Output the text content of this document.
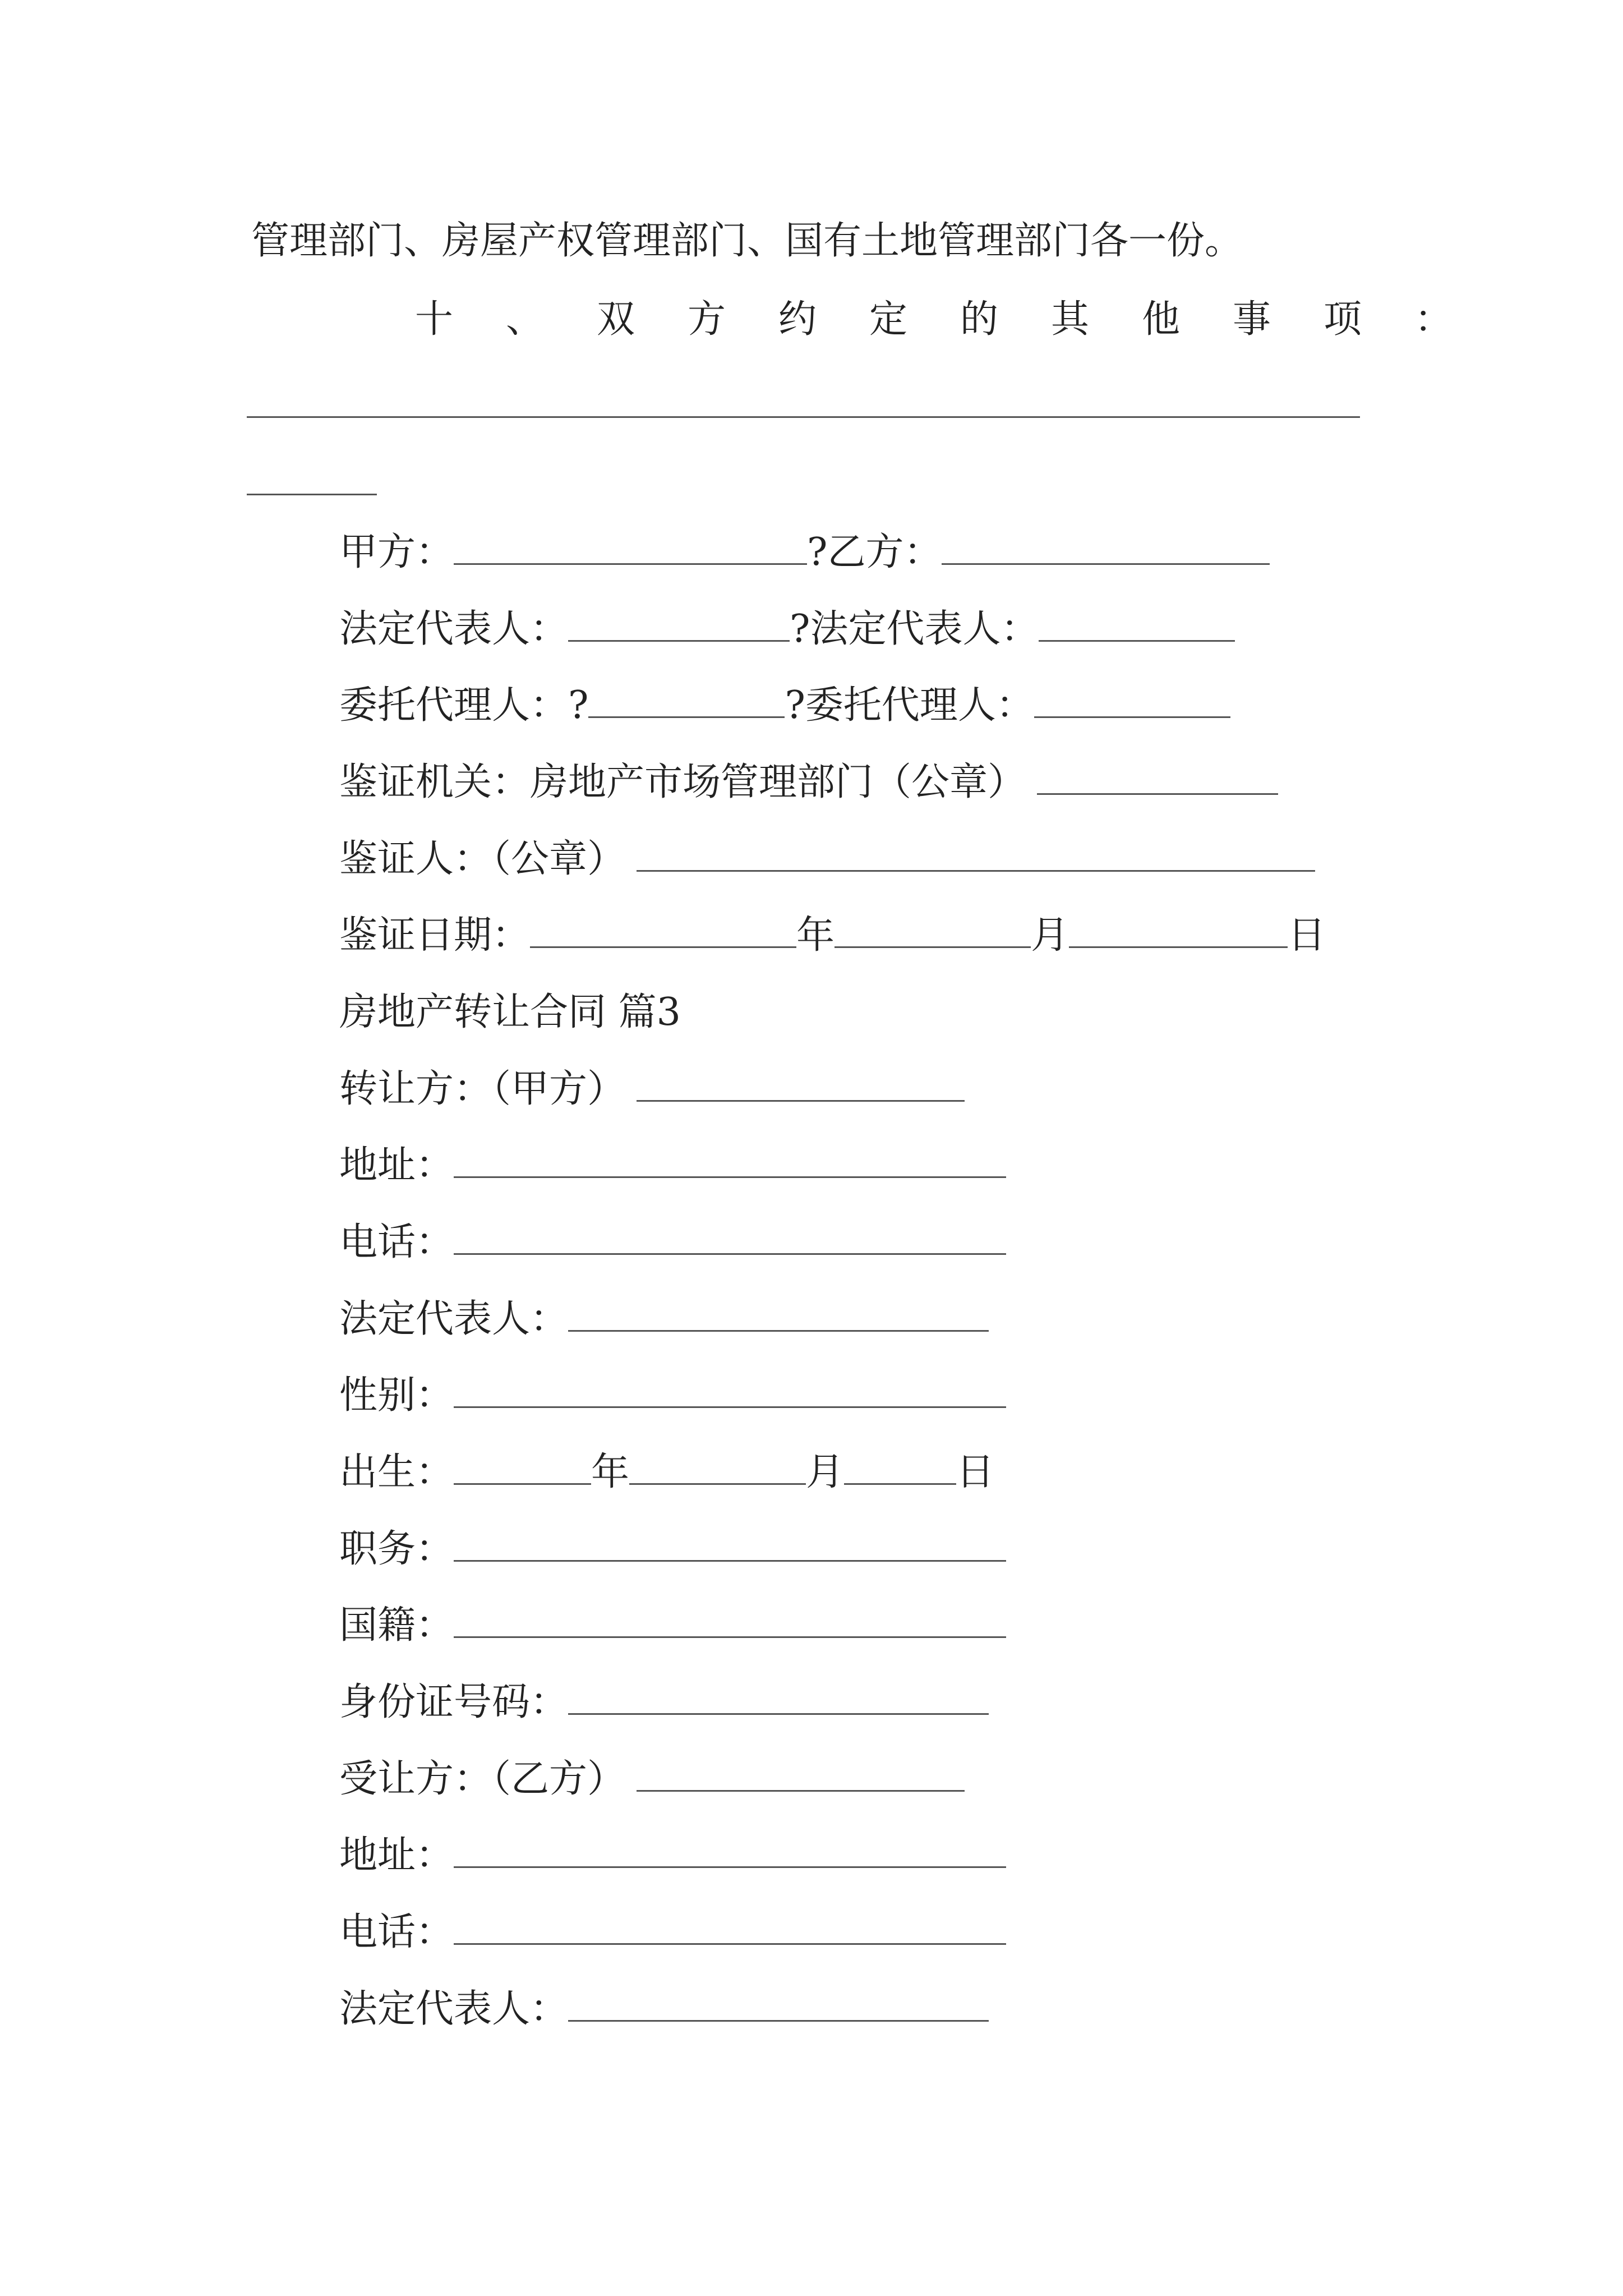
管理部门、房屋产权管理部门、国有土地管理部门各一份。
十、双方约定的其他事项：
甲方：	?乙方：
法定代表人：	?法定代表人：
委托代理人：?	?委托代理人：
鉴证机关：房地产市场管理部门（公章）
鉴证人：（公章）
鉴证日期：	年	月	日
房地产转让合同 篇3
转让方：（甲方）
地址：
电话：
法定代表人：
性别：
出生：	年	月	日
职务：
国籍：
身份证号码：
受让方：（乙方）
地址：
电话：
法定代表人：
